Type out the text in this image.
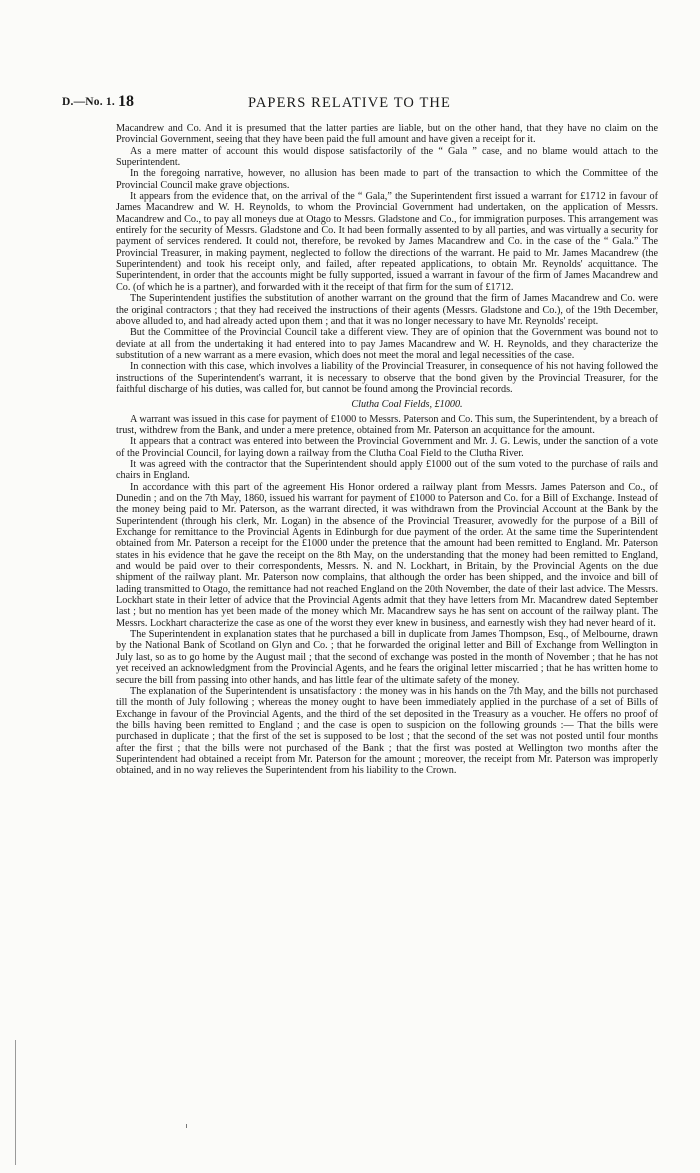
D.—No. 1. 18	PAPERS RELATIVE TO THE

Macandrew and Co. And it is presumed that the latter parties are liable, but on the other hand, that they have no claim on the Provincial Government, seeing that they have been paid the full amount and have given a receipt for it.

As a mere matter of account this would dispose satisfactorily of the “ Gala ” case, and no blame would attach to the Superintendent.

In the foregoing narrative, however, no allusion has been made to part of the transaction to which the Committee of the Provincial Council make grave objections.

It appears from the evidence that, on the arrival of the “ Gala,” the Superintendent first issued a warrant for £1712 in favour of James Macandrew and W. H. Reynolds, to whom the Provincial Government had undertaken, on the application of Messrs. Macandrew and Co., to pay all moneys due at Otago to Messrs. Gladstone and Co., for immigration purposes. This arrangement was entirely for the security of Messrs. Gladstone and Co. It had been formally assented to by all parties, and was virtually a security for payment of services rendered. It could not, therefore, be revoked by James Macandrew and Co. in the case of the “ Gala.” The Provincial Treasurer, in making payment, neglected to follow the directions of the warrant. He paid to Mr. James Macandrew (the Superintendent) and took his receipt only, and failed, after repeated applications, to obtain Mr. Reynolds' acquittance. The Superintendent, in order that the accounts might be fully supported, issued a warrant in favour of the firm of James Macandrew and Co. (of which he is a partner), and forwarded with it the receipt of that firm for the sum of £1712.

The Superintendent justifies the substitution of another warrant on the ground that the firm of James Macandrew and Co. were the original contractors ; that they had received the instructions of their agents (Messrs. Gladstone and Co.), of the 19th December, above alluded to, and had already acted upon them ; and that it was no longer necessary to have Mr. Reynolds' receipt.

But the Committee of the Provincial Council take a different view. They are of opinion that the Government was bound not to deviate at all from the undertaking it had entered into to pay James Macandrew and W. H. Reynolds, and they characterize the substitution of a new warrant as a mere evasion, which does not meet the moral and legal necessities of the case.

In connection with this case, which involves a liability of the Provincial Treasurer, in consequence of his not having followed the instructions of the Superintendent's warrant, it is necessary to observe that the bond given by the Provincial Treasurer, for the faithful discharge of his duties, was called for, but cannot be found among the Provincial records.

Clutha Coal Fields, £1000.

A warrant was issued in this case for payment of £1000 to Messrs. Paterson and Co. This sum, the Superintendent, by a breach of trust, withdrew from the Bank, and under a mere pretence, obtained from Mr. Paterson an acquittance for the amount.

It appears that a contract was entered into between the Provincial Government and Mr. J. G. Lewis, under the sanction of a vote of the Provincial Council, for laying down a railway from the Clutha Coal Field to the Clutha River.

It was agreed with the contractor that the Superintendent should apply £1000 out of the sum voted to the purchase of rails and chairs in England.

In accordance with this part of the agreement His Honor ordered a railway plant from Messrs. James Paterson and Co., of Dunedin ; and on the 7th May, 1860, issued his warrant for payment of £1000 to Paterson and Co. for a Bill of Exchange. Instead of the money being paid to Mr. Paterson, as the warrant directed, it was withdrawn from the Provincial Account at the Bank by the Superintendent (through his clerk, Mr. Logan) in the absence of the Provincial Treasurer, avowedly for the purpose of a Bill of Exchange for remittance to the Provincial Agents in Edinburgh for due payment of the order. At the same time the Superintendent obtained from Mr. Paterson a receipt for the £1000 under the pretence that the amount had been remitted to England. Mr. Paterson states in his evidence that he gave the receipt on the 8th May, on the understanding that the money had been remitted to England, and would be paid over to their correspondents, Messrs. N. and N. Lockhart, in Britain, by the Provincial Agents on the due shipment of the railway plant. Mr. Paterson now complains, that although the order has been shipped, and the invoice and bill of lading transmitted to Otago, the remittance had not reached England on the 20th November, the date of their last advice. The Messrs. Lockhart state in their letter of advice that the Provincial Agents admit that they have letters from Mr. Macandrew dated September last ; but no mention has yet been made of the money which Mr. Macandrew says he has sent on account of the railway plant. The Messrs. Lockhart characterize the case as one of the worst they ever knew in business, and earnestly wish they had never heard of it.

The Superintendent in explanation states that he purchased a bill in duplicate from James Thompson, Esq., of Melbourne, drawn by the National Bank of Scotland on Glyn and Co. ; that he forwarded the original letter and Bill of Exchange from Wellington in July last, so as to go home by the August mail ; that the second of exchange was posted in the month of November ; that he has not yet received an acknowledgment from the Provincial Agents, and he fears the original letter miscarried ; that he has written home to secure the bill from passing into other hands, and has little fear of the ultimate safety of the money.

The explanation of the Superintendent is unsatisfactory : the money was in his hands on the 7th May, and the bills not purchased till the month of July following ; whereas the money ought to have been immediately applied in the purchase of a set of Bills of Exchange in favour of the Provincial Agents, and the third of the set deposited in the Treasury as a voucher. He offers no proof of the bills having been remitted to England ; and the case is open to suspicion on the following grounds :— That the bills were purchased in duplicate ; that the first of the set is supposed to be lost ; that the second of the set was not posted until four months after the first ; that the bills were not purchased of the Bank ; that the first was posted at Wellington two months after the Superintendent had obtained a receipt from Mr. Paterson for the amount ; moreover, the receipt from Mr. Paterson was improperly obtained, and in no way relieves the Superintendent from his liability to the Crown.
